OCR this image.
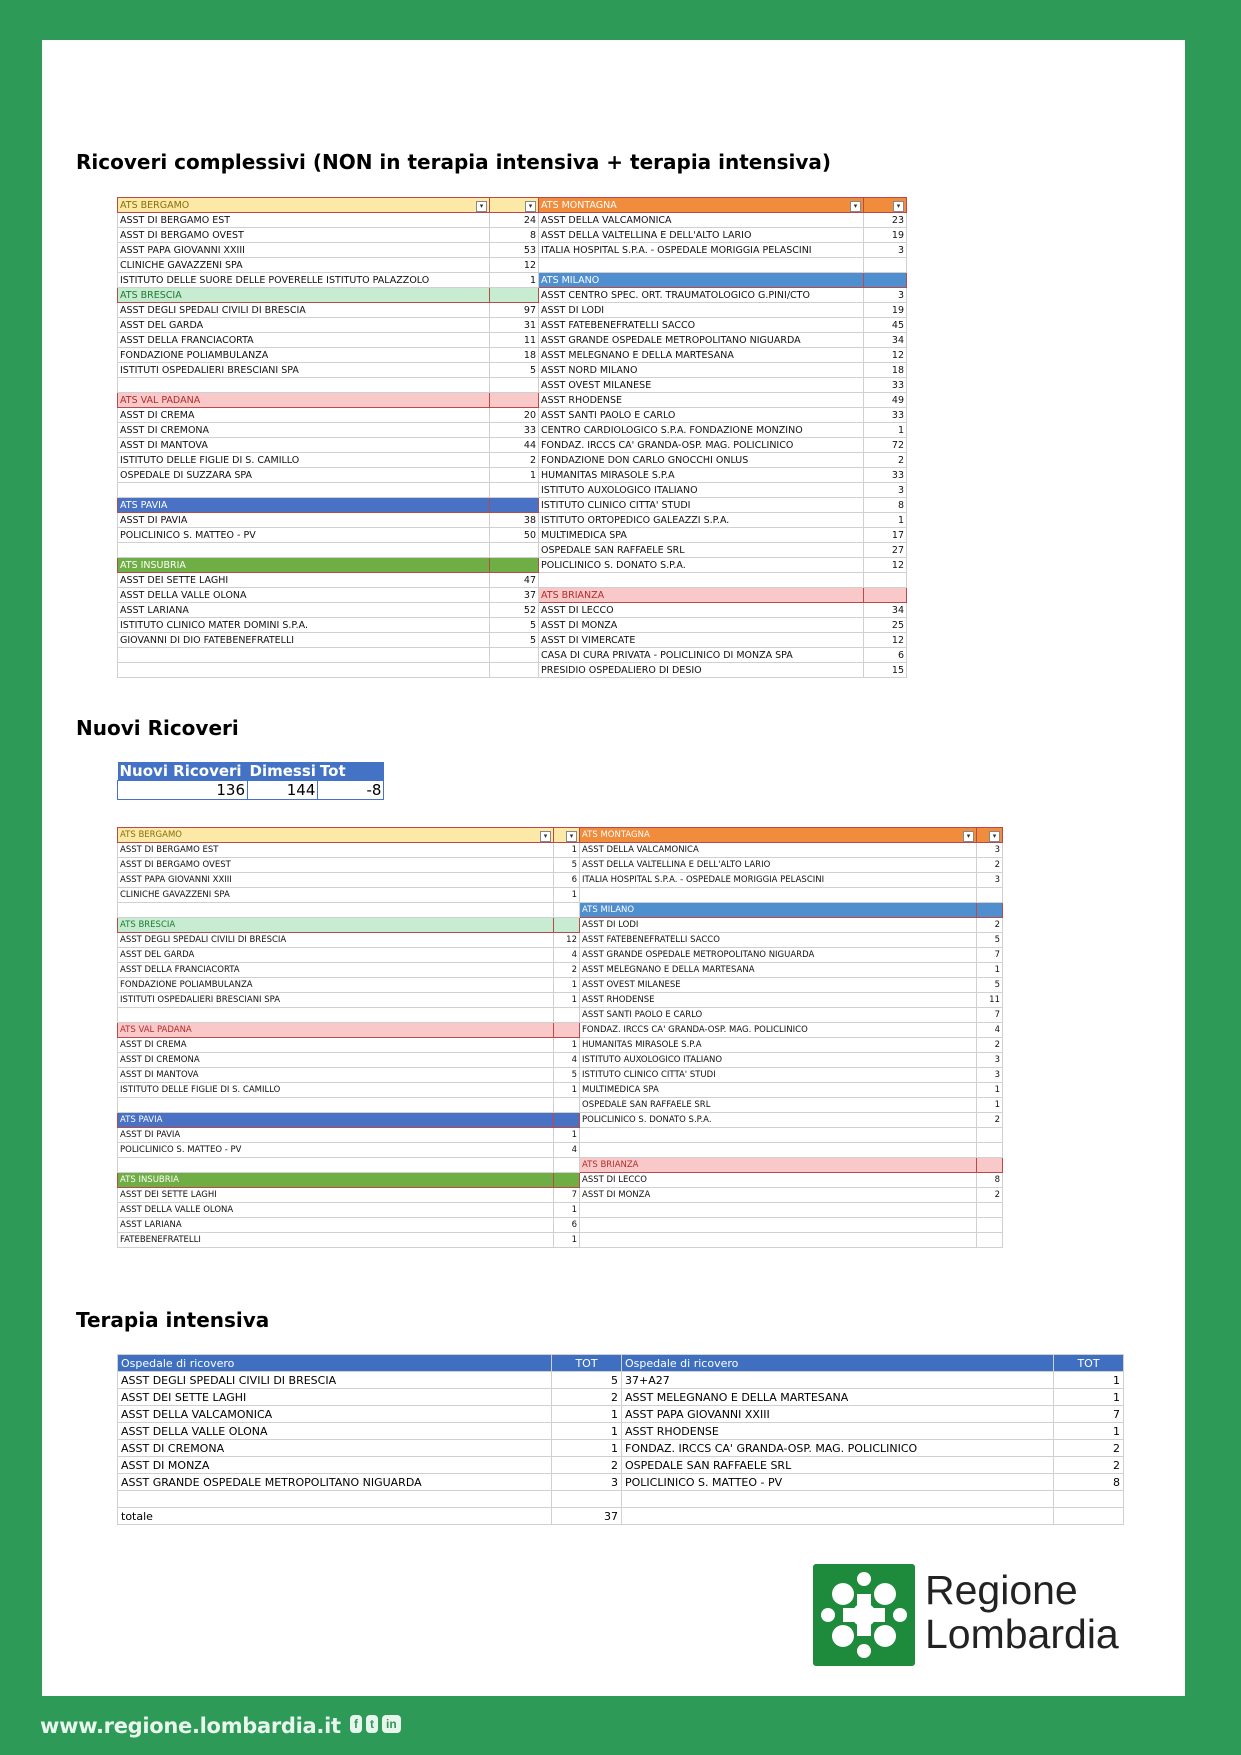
Ricoveri complessivi (NON in terapia intensiva + terapia intensiva)
ATS BERGAMO ▾	▾	ATS MONTAGNA ▾	▾

ASST DI BERGAMO EST	24	ASST DELLA VALCAMONICA	23
ASST DI BERGAMO OVEST	8	ASST DELLA VALTELLINA E DELL'ALTO LARIO	19
ASST PAPA GIOVANNI XXIII	53	ITALIA HOSPITAL S.P.A. - OSPEDALE MORIGGIA PELASCINI	3
CLINICHE GAVAZZENI SPA	12		
ISTITUTO DELLE SUORE DELLE POVERELLE ISTITUTO PALAZZOLO	1	ATS MILANO	
ATS BRESCIA		ASST CENTRO SPEC. ORT. TRAUMATOLOGICO G.PINI/CTO	3
ASST DEGLI SPEDALI CIVILI DI BRESCIA	97	ASST DI LODI	19
ASST DEL GARDA	31	ASST FATEBENEFRATELLI SACCO	45
ASST DELLA FRANCIACORTA	11	ASST GRANDE OSPEDALE METROPOLITANO NIGUARDA	34
FONDAZIONE POLIAMBULANZA	18	ASST MELEGNANO E DELLA MARTESANA	12
ISTITUTI OSPEDALIERI BRESCIANI SPA	5	ASST NORD MILANO	18
		ASST OVEST MILANESE	33
ATS VAL PADANA		ASST RHODENSE	49
ASST DI CREMA	20	ASST SANTI PAOLO E CARLO	33
ASST DI CREMONA	33	CENTRO CARDIOLOGICO S.P.A. FONDAZIONE MONZINO	1
ASST DI MANTOVA	44	FONDAZ. IRCCS CA' GRANDA-OSP. MAG. POLICLINICO	72
ISTITUTO DELLE FIGLIE DI S. CAMILLO	2	FONDAZIONE DON CARLO GNOCCHI ONLUS	2
OSPEDALE DI SUZZARA SPA	1	HUMANITAS MIRASOLE S.P.A	33
		ISTITUTO AUXOLOGICO ITALIANO	3
ATS PAVIA		ISTITUTO CLINICO CITTA' STUDI	8
ASST DI PAVIA	38	ISTITUTO ORTOPEDICO GALEAZZI S.P.A.	1
POLICLINICO S. MATTEO - PV	50	MULTIMEDICA SPA	17
		OSPEDALE SAN RAFFAELE SRL	27
ATS INSUBRIA		POLICLINICO S. DONATO S.P.A.	12
ASST DEI SETTE LAGHI	47		
ASST DELLA VALLE OLONA	37	ATS BRIANZA	
ASST LARIANA	52	ASST DI LECCO	34
ISTITUTO CLINICO MATER DOMINI S.P.A.	5	ASST DI MONZA	25
GIOVANNI DI DIO FATEBENEFRATELLI	5	ASST DI VIMERCATE	12
		CASA DI CURA PRIVATA - POLICLINICO DI MONZA SPA	6
		PRESIDIO OSPEDALIERO DI DESIO	15
Nuovi Ricoveri
Nuovi Ricoveri	Dimessi	Tot
136	144	-8
ATS BERGAMO ▾	▾	ATS MONTAGNA ▾	▾

ASST DI BERGAMO EST	1	ASST DELLA VALCAMONICA	3
ASST DI BERGAMO OVEST	5	ASST DELLA VALTELLINA E DELL'ALTO LARIO	2
ASST PAPA GIOVANNI XXIII	6	ITALIA HOSPITAL S.P.A. - OSPEDALE MORIGGIA PELASCINI	3
CLINICHE GAVAZZENI SPA	1		
		ATS MILANO	
ATS BRESCIA		ASST DI LODI	2
ASST DEGLI SPEDALI CIVILI DI BRESCIA	12	ASST FATEBENEFRATELLI SACCO	5
ASST DEL GARDA	4	ASST GRANDE OSPEDALE METROPOLITANO NIGUARDA	7
ASST DELLA FRANCIACORTA	2	ASST MELEGNANO E DELLA MARTESANA	1
FONDAZIONE POLIAMBULANZA	1	ASST OVEST MILANESE	5
ISTITUTI OSPEDALIERI BRESCIANI SPA	1	ASST RHODENSE	11
		ASST SANTI PAOLO E CARLO	7
ATS VAL PADANA		FONDAZ. IRCCS CA' GRANDA-OSP. MAG. POLICLINICO	4
ASST DI CREMA	1	HUMANITAS MIRASOLE S.P.A	2
ASST DI CREMONA	4	ISTITUTO AUXOLOGICO ITALIANO	3
ASST DI MANTOVA	5	ISTITUTO CLINICO CITTA' STUDI	3
ISTITUTO DELLE FIGLIE DI S. CAMILLO	1	MULTIMEDICA SPA	1
		OSPEDALE SAN RAFFAELE SRL	1
ATS PAVIA		POLICLINICO S. DONATO S.P.A.	2
ASST DI PAVIA	1		
POLICLINICO S. MATTEO - PV	4		
		ATS BRIANZA	
ATS INSUBRIA		ASST DI LECCO	8
ASST DEI SETTE LAGHI	7	ASST DI MONZA	2
ASST DELLA VALLE OLONA	1		
ASST LARIANA	6		
FATEBENEFRATELLI	1		
Terapia intensiva
Ospedale di ricovero	TOT	Ospedale di ricovero	TOT
ASST DEGLI SPEDALI CIVILI DI BRESCIA	5	37+A27	1
ASST DEI SETTE LAGHI	2	ASST MELEGNANO E DELLA MARTESANA	1
ASST DELLA VALCAMONICA	1	ASST PAPA GIOVANNI XXIII	7
ASST DELLA VALLE OLONA	1	ASST RHODENSE	1
ASST DI CREMONA	1	FONDAZ. IRCCS CA' GRANDA-OSP. MAG. POLICLINICO	2
ASST DI MONZA	2	OSPEDALE SAN RAFFAELE SRL	2
ASST GRANDE OSPEDALE METROPOLITANO NIGUARDA	3	POLICLINICO S. MATTEO - PV	8

totale	37		
Regione
Lombardia
www.regione.lombardia.it	f t in
